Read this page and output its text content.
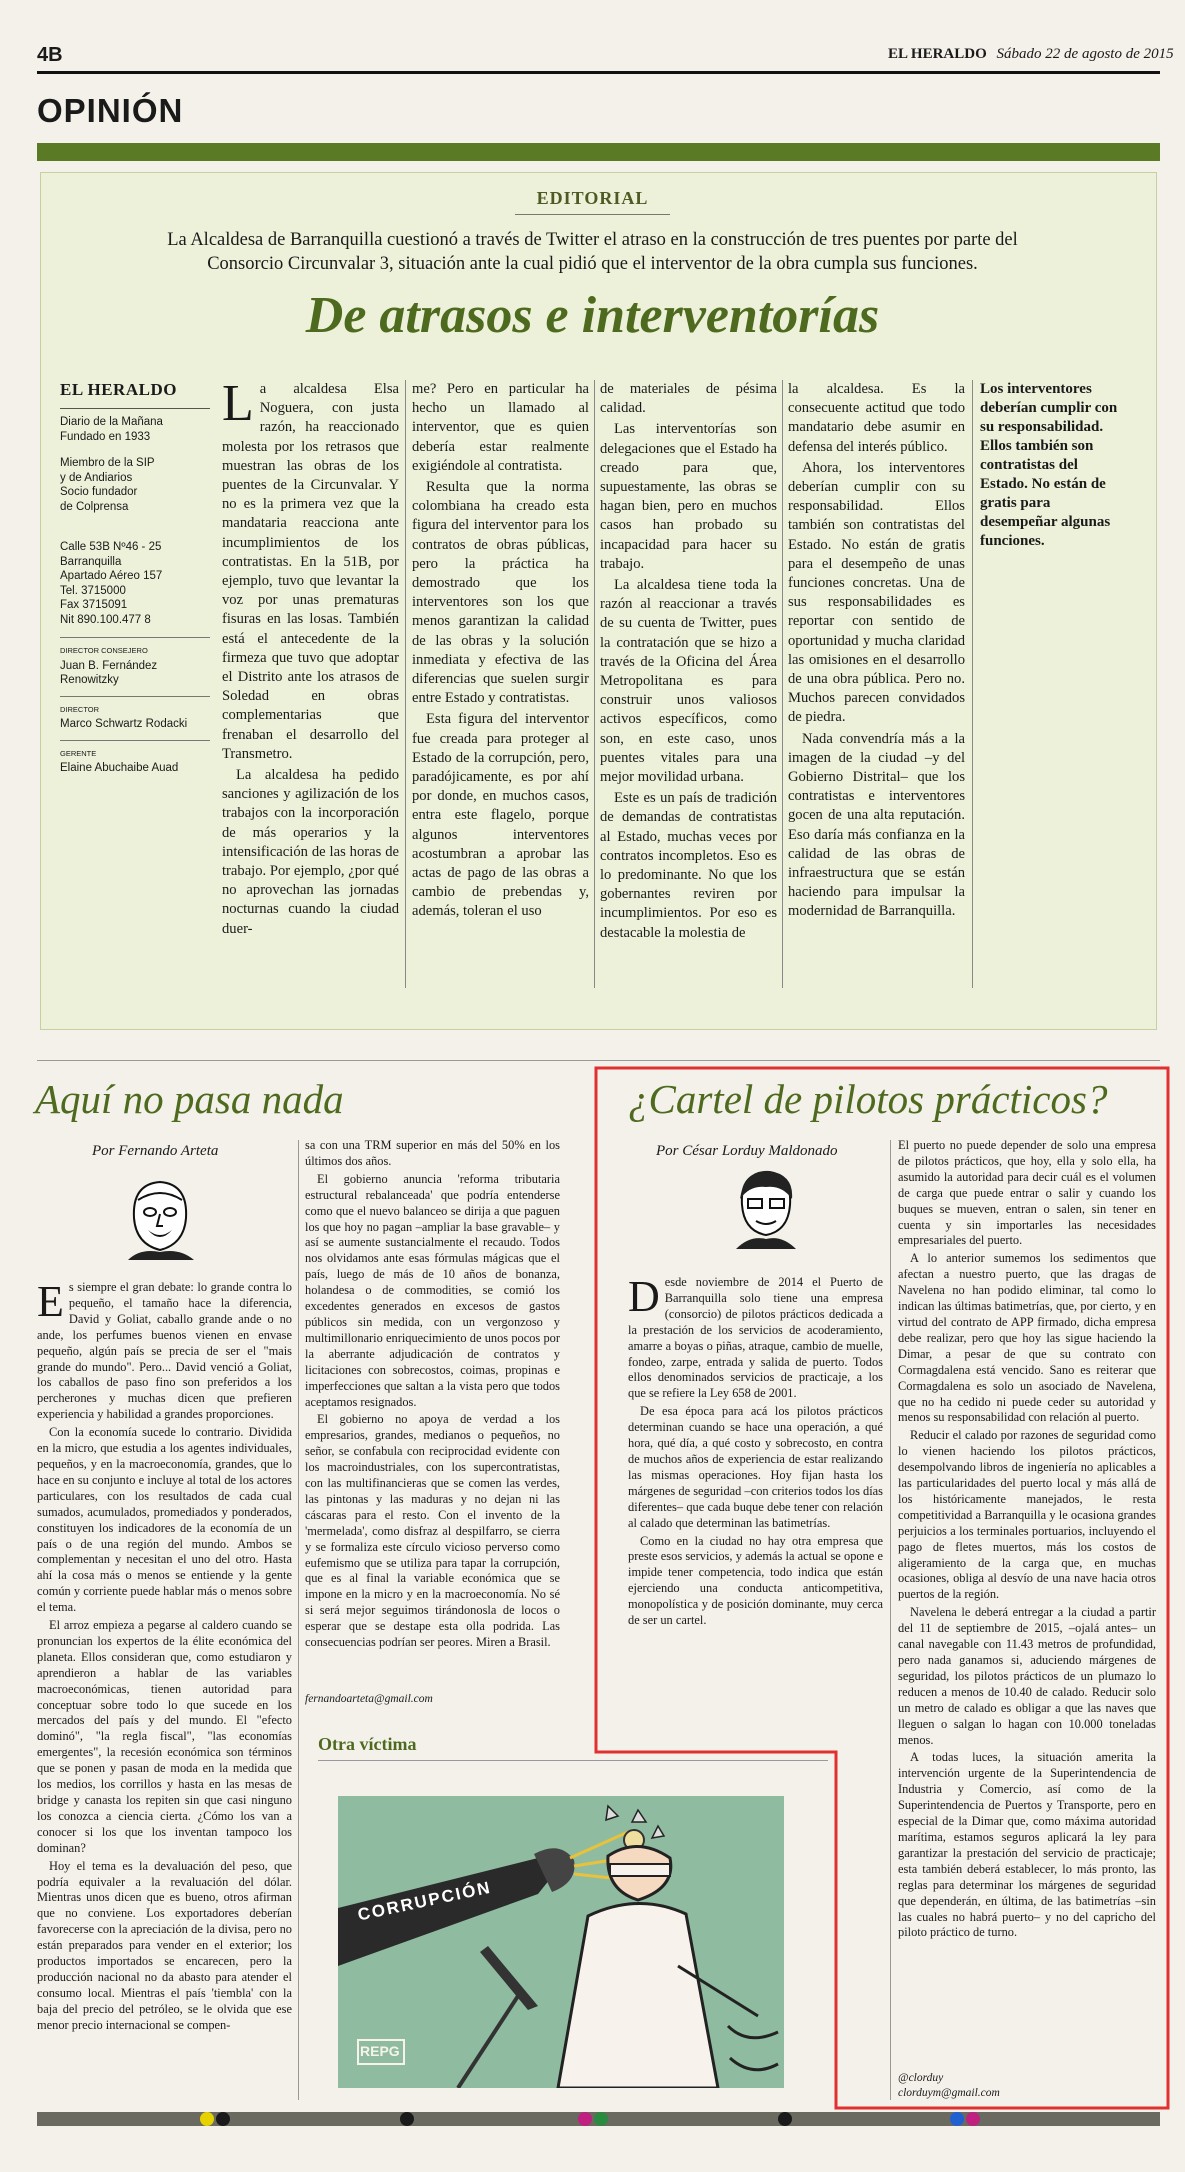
4B	EL HERALDO Sábado 22 de agosto de 2015
OPINIÓN
EDITORIAL
La Alcaldesa de Barranquilla cuestionó a través de Twitter el atraso en la construcción de tres puentes por parte del Consorcio Circunvalar 3, situación ante la cual pidió que el interventor de la obra cumpla sus funciones.
De atrasos e interventorías
EL HERALDO
Diario de la Mañana
Fundado en 1933
Miembro de la SIP
y de Andiarios
Socio fundador
de Colprensa
Calle 53B Nº46 - 25
Barranquilla
Apartado Aéreo 157
Tel. 3715000
Fax 3715091
Nit 890.100.477 8
DIRECTOR CONSEJERO
Juan B. Fernández
Renowitzky
DIRECTOR
Marco Schwartz Rodacki
GERENTE
Elaine Abuchaibe Auad
L a alcaldesa Elsa Noguera, con justa razón, ha reaccionado molesta por los retrasos que muestran las obras de los puentes de la Circunvalar. Y no es la primera vez que la mandataria reacciona ante incumplimientos de los contratistas. En la 51B, por ejemplo, tuvo que levantar la voz por unas prematuras fisuras en las losas. También está el antecedente de la firmeza que tuvo que adoptar el Distrito ante los atrasos de Soledad en obras complementarias que frenaban el desarrollo del Transmetro.

La alcaldesa ha pedido sanciones y agilización de los trabajos con la incorporación de más operarios y la intensificación de las horas de trabajo. Por ejemplo, ¿por qué no aprovechan las jornadas nocturnas cuando la ciudad duer-

me? Pero en particular ha hecho un llamado al interventor, que es quien debería estar realmente exigiéndole al contratista.

Resulta que la norma colombiana ha creado esta figura del interventor para los contratos de obras públicas, pero la práctica ha demostrado que los interventores son los que menos garantizan la calidad de las obras y la solución inmediata y efectiva de las diferencias que suelen surgir entre Estado y contratistas.

Esta figura del interventor fue creada para proteger al Estado de la corrupción, pero, paradójicamente, es por ahí por donde, en muchos casos, entra este flagelo, porque algunos interventores acostumbran a aprobar las actas de pago de las obras a cambio de prebendas y, además, toleran el uso

de materiales de pésima calidad.

Las interventorías son delegaciones que el Estado ha creado para que, supuestamente, las obras se hagan bien, pero en muchos casos han probado su incapacidad para hacer su trabajo.

La alcaldesa tiene toda la razón al reaccionar a través de su cuenta de Twitter, pues la contratación que se hizo a través de la Oficina del Área Metropolitana es para construir unos valiosos activos específicos, como son, en este caso, unos puentes vitales para una mejor movilidad urbana.

Este es un país de tradición de demandas de contratistas al Estado, muchas veces por contratos incompletos. Eso es lo predominante. No que los gobernantes reviren por incumplimientos. Por eso es destacable la molestia de

la alcaldesa. Es la consecuente actitud que todo mandatario debe asumir en defensa del interés público.

Ahora, los interventores deberían cumplir con su responsabilidad. Ellos también son contratistas del Estado. No están de gratis para el desempeño de unas funciones concretas. Una de sus responsabilidades es reportar con sentido de oportunidad y mucha claridad las omisiones en el desarrollo de una obra pública. Pero no. Muchos parecen convidados de piedra.

Nada convendría más a la imagen de la ciudad –y del Gobierno Distrital– que los contratistas e interventores gocen de una alta reputación. Eso daría más confianza en la calidad de las obras de infraestructura que se están haciendo para impulsar la modernidad de Barranquilla.

Los interventores deberían cumplir con su responsabilidad. Ellos también son contratistas del Estado. No están de gratis para desempeñar algunas funciones.
Aquí no pasa nada
Por Fernando Arteta
E s siempre el gran debate: lo grande contra lo pequeño, el tamaño hace la diferencia, David y Goliat, caballo grande ande o no ande, los perfumes buenos vienen en envase pequeño, algún país se precia de ser el "mais grande do mundo". Pero... David venció a Goliat, los caballos de paso fino son preferidos a los percherones y muchas dicen que prefieren experiencia y habilidad a grandes proporciones.

Con la economía sucede lo contrario. Dividida en la micro, que estudia a los agentes individuales, pequeños, y en la macroeconomía, grandes, que lo hace en su conjunto e incluye al total de los actores particulares, con los resultados de cada cual sumados, acumulados, promediados y ponderados, constituyen los indicadores de la economía de un país o de una región del mundo. Ambos se complementan y necesitan el uno del otro. Hasta ahí la cosa más o menos se entiende y la gente común y corriente puede hablar más o menos sobre el tema.

El arroz empieza a pegarse al caldero cuando se pronuncian los expertos de la élite económica del planeta. Ellos consideran que, como estudiaron y aprendieron a hablar de las variables macroeconómicas, tienen autoridad para conceptuar sobre todo lo que sucede en los mercados del país y del mundo. El "efecto dominó", "la regla fiscal", "las economías emergentes", la recesión económica son términos que se ponen y pasan de moda en la medida que los medios, los corrillos y hasta en las mesas de bridge y canasta los repiten sin que casi ninguno los conozca a ciencia cierta. ¿Cómo los van a conocer si los que los inventan tampoco los dominan?

Hoy el tema es la devaluación del peso, que podría equivaler a la revaluación del dólar. Mientras unos dicen que es bueno, otros afirman que no conviene. Los exportadores deberían favorecerse con la apreciación de la divisa, pero no están preparados para vender en el exterior; los productos importados se encarecen, pero la producción nacional no da abasto para atender el consumo local. Mientras el país 'tiembla' con la baja del precio del petróleo, se le olvida que ese menor precio internacional se compen-

sa con una TRM superior en más del 50% en los últimos dos años.

El gobierno anuncia 'reforma tributaria estructural rebalanceada' que podría entenderse como que el nuevo balanceo se dirija a que paguen los que hoy no pagan –ampliar la base gravable– y así se aumente sustancialmente el recaudo. Todos nos olvidamos ante esas fórmulas mágicas que el país, luego de más de 10 años de bonanza, holandesa o de commodities, se comió los excedentes generados en excesos de gastos públicos sin medida, con un vergonzoso y multimillonario enriquecimiento de unos pocos por la aberrante adjudicación de contratos y licitaciones con sobrecostos, coimas, propinas e imperfecciones que saltan a la vista pero que todos aceptamos resignados.

El gobierno no apoya de verdad a los empresarios, grandes, medianos o pequeños, no señor, se confabula con reciprocidad evidente con los macroindustriales, con los supercontratistas, con las multifinancieras que se comen las verdes, las pintonas y las maduras y no dejan ni las cáscaras para el resto. Con el invento de la 'mermelada', como disfraz al despilfarro, se cierra y se formaliza este círculo vicioso perverso como eufemismo que se utiliza para tapar la corrupción, que es al final la variable económica que se impone en la micro y en la macroeconomía. No sé si será mejor seguimos tirándonosla de locos o esperar que se destape esta olla podrida. Las consecuencias podrían ser peores. Miren a Brasil.

fernandoarteta@gmail.com
Otra víctima
CORRUPCIÓN
REPG
¿Cartel de pilotos prácticos?
Por César Lorduy Maldonado
D esde noviembre de 2014 el Puerto de Barranquilla solo tiene una empresa (consorcio) de pilotos prácticos dedicada a la prestación de los servicios de acoderamiento, amarre a boyas o piñas, atraque, cambio de muelle, fondeo, zarpe, entrada y salida de puerto. Todos ellos denominados servicios de practicaje, a los que se refiere la Ley 658 de 2001.

De esa época para acá los pilotos prácticos determinan cuando se hace una operación, a qué hora, qué día, a qué costo y sobrecosto, en contra de muchos años de experiencia de estar realizando las mismas operaciones. Hoy fijan hasta los márgenes de seguridad –con criterios todos los días diferentes– que cada buque debe tener con relación al calado que determinan las batimetrías.

Como en la ciudad no hay otra empresa que preste esos servicios, y además la actual se opone e impide tener competencia, todo indica que están ejerciendo una conducta anticompetitiva, monopolística y de posición dominante, muy cerca de ser un cartel.

El puerto no puede depender de solo una empresa de pilotos prácticos, que hoy, ella y solo ella, ha asumido la autoridad para decir cuál es el volumen de carga que puede entrar o salir y cuando los buques se mueven, entran o salen, sin tener en cuenta y sin importarles las necesidades empresariales del puerto.

A lo anterior sumemos los sedimentos que afectan a nuestro puerto, que las dragas de Navelena no han podido eliminar, tal como lo indican las últimas batimetrías, que, por cierto, y en virtud del contrato de APP firmado, dicha empresa debe realizar, pero que hoy las sigue haciendo la Dimar, a pesar de que su contrato con Cormagdalena está vencido. Sano es reiterar que Cormagdalena es solo un asociado de Navelena, que no ha cedido ni puede ceder su autoridad y menos su responsabilidad con relación al puerto.

Reducir el calado por razones de seguridad como lo vienen haciendo los pilotos prácticos, desempolvando libros de ingeniería no aplicables a las particularidades del puerto local y más allá de los históricamente manejados, le resta competitividad a Barranquilla y le ocasiona grandes perjuicios a los terminales portuarios, incluyendo el pago de fletes muertos, más los costos de aligeramiento de la carga que, en muchas ocasiones, obliga al desvío de una nave hacia otros puertos de la región.

Navelena le deberá entregar a la ciudad a partir del 11 de septiembre de 2015, –ojalá antes– un canal navegable con 11.43 metros de profundidad, pero nada ganamos si, aduciendo márgenes de seguridad, los pilotos prácticos de un plumazo lo reducen a menos de 10.40 de calado. Reducir solo un metro de calado es obligar a que las naves que lleguen o salgan lo hagan con 10.000 toneladas menos.

A todas luces, la situación amerita la intervención urgente de la Superintendencia de Industria y Comercio, así como de la Superintendencia de Puertos y Transporte, pero en especial de la Dimar que, como máxima autoridad marítima, estamos seguros aplicará la ley para garantizar la prestación del servicio de practicaje; esta también deberá establecer, lo más pronto, las reglas para determinar los márgenes de seguridad que dependerán, en última, de las batimetrías –sin las cuales no habrá puerto– y no del capricho del piloto práctico de turno.

@clorduy
clorduym@gmail.com
